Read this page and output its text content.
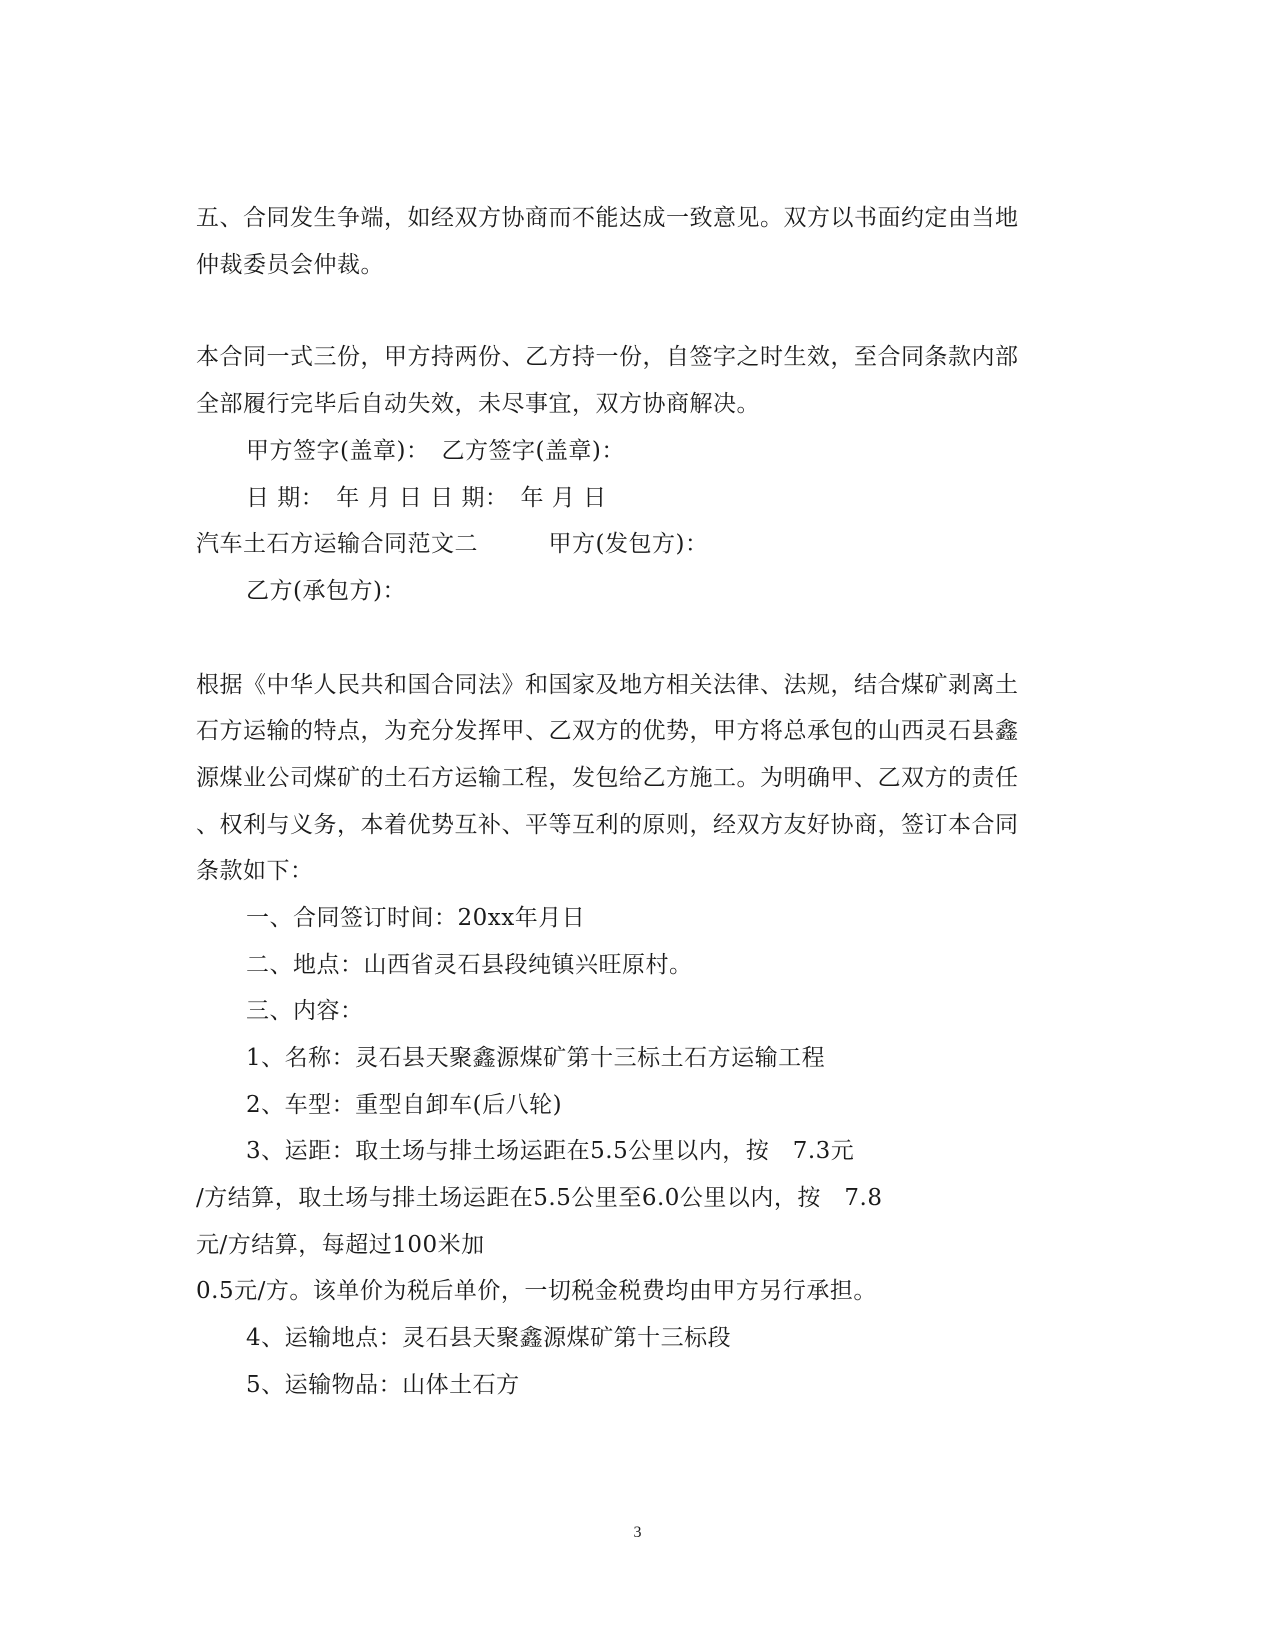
五、合同发生争端，如经双方协商而不能达成一致意见。双方以书面约定由当地
仲裁委员会仲裁。
本合同一式三份，甲方持两份、乙方持一份，自签字之时生效，至合同条款内部
全部履行完毕后自动失效，未尽事宜，双方协商解决。
甲方签字(盖章)：　乙方签字(盖章)：
日 期：　年 月 日 日 期：　年 月 日
汽车土石方运输合同范文二　　　甲方(发包方)：
乙方(承包方)：
根据《中华人民共和国合同法》和国家及地方相关法律、法规，结合煤矿剥离土
石方运输的特点，为充分发挥甲、乙双方的优势，甲方将总承包的山西灵石县鑫
源煤业公司煤矿的土石方运输工程，发包给乙方施工。为明确甲、乙双方的责任
、权利与义务，本着优势互补、平等互利的原则，经双方友好协商，签订本合同
条款如下：
一、合同签订时间：20xx年月日
二、地点：山西省灵石县段纯镇兴旺原村。
三、内容：
1、名称：灵石县天聚鑫源煤矿第十三标土石方运输工程
2、车型：重型自卸车(后八轮)
3、运距：取土场与排土场运距在5.5公里以内，按　7.3元
/方结算，取土场与排土场运距在5.5公里至6.0公里以内，按　7.8
元/方结算，每超过100米加
0.5元/方。该单价为税后单价，一切税金税费均由甲方另行承担。
4、运输地点：灵石县天聚鑫源煤矿第十三标段
5、运输物品：山体土石方
3
